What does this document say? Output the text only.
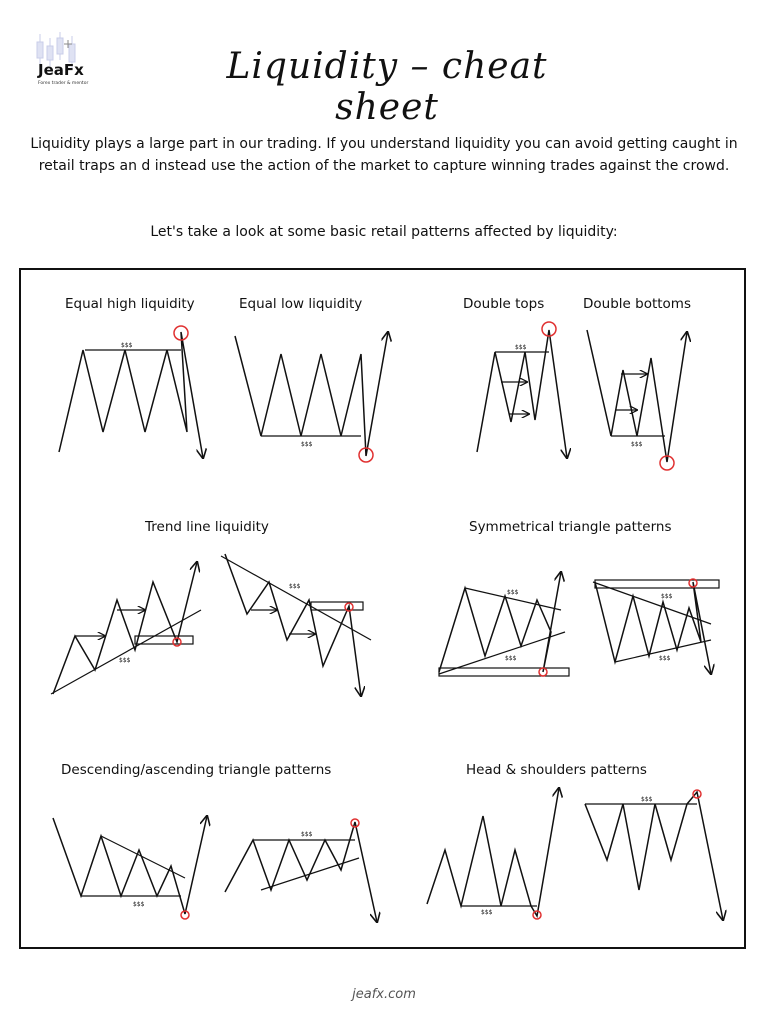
JeaFx
Forex trader & mentor	Liquidity – cheat sheet

Liquidity plays a large part in our trading. If you understand liquidity you can avoid getting caught in retail traps an d instead use the action of the market to capture winning trades against the crowd.

Let's take a look at some basic retail patterns affected by liquidity:

Equal high liquidity	Equal low liquidity	Double tops	Double bottoms
Trend line liquidity	Symmetrical triangle patterns
Descending/ascending triangle patterns	Head & shoulders patterns
$$$
$$$
$$$
$$$
$$$
$$$
$$$
$$$
$$$
$$$
$$$
$$$
$$$
$$$
jeafx.com
